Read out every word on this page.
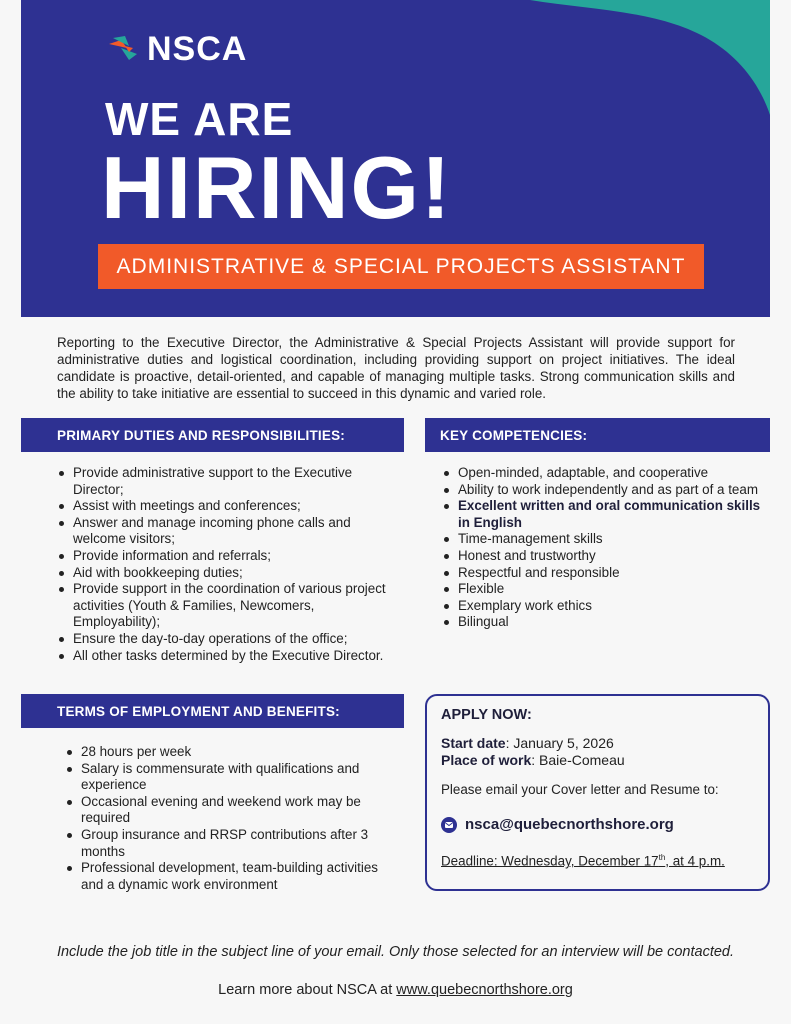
NSCA
WE ARE
HIRING!
ADMINISTRATIVE & SPECIAL PROJECTS ASSISTANT

Reporting to the Executive Director, the Administrative & Special Projects Assistant will provide support for administrative duties and logistical coordination, including providing support on project initiatives. The ideal candidate is proactive, detail-oriented, and capable of managing multiple tasks. Strong communication skills and the ability to take initiative are essential to succeed in this dynamic and varied role.

PRIMARY DUTIES AND RESPONSIBILITIES:
Provide administrative support to the Executive Director;
Assist with meetings and conferences;
Answer and manage incoming phone calls and welcome visitors;
Provide information and referrals;
Aid with bookkeeping duties;
Provide support in the coordination of various project activities (Youth & Families, Newcomers, Employability);
Ensure the day-to-day operations of the office;
All other tasks determined by the Executive Director.
KEY COMPETENCIES:
Open-minded, adaptable, and cooperative
Ability to work independently and as part of a team
Excellent written and oral communication skills in English
Time-management skills
Honest and trustworthy
Respectful and responsible
Flexible
Exemplary work ethics
Bilingual
TERMS OF EMPLOYMENT AND BENEFITS:
28 hours per week
Salary is commensurate with qualifications and experience
Occasional evening and weekend work may be required
Group insurance and RRSP contributions after 3 months
Professional development, team-building activities and a dynamic work environment
APPLY NOW:
Start date: January 5, 2026
Place of work: Baie-Comeau
Please email your Cover letter and Resume to:
nsca@quebecnorthshore.org
Deadline: Wednesday, December 17th, at 4 p.m.
Include the job title in the subject line of your email. Only those selected for an interview will be contacted.
Learn more about NSCA at www.quebecnorthshore.org
